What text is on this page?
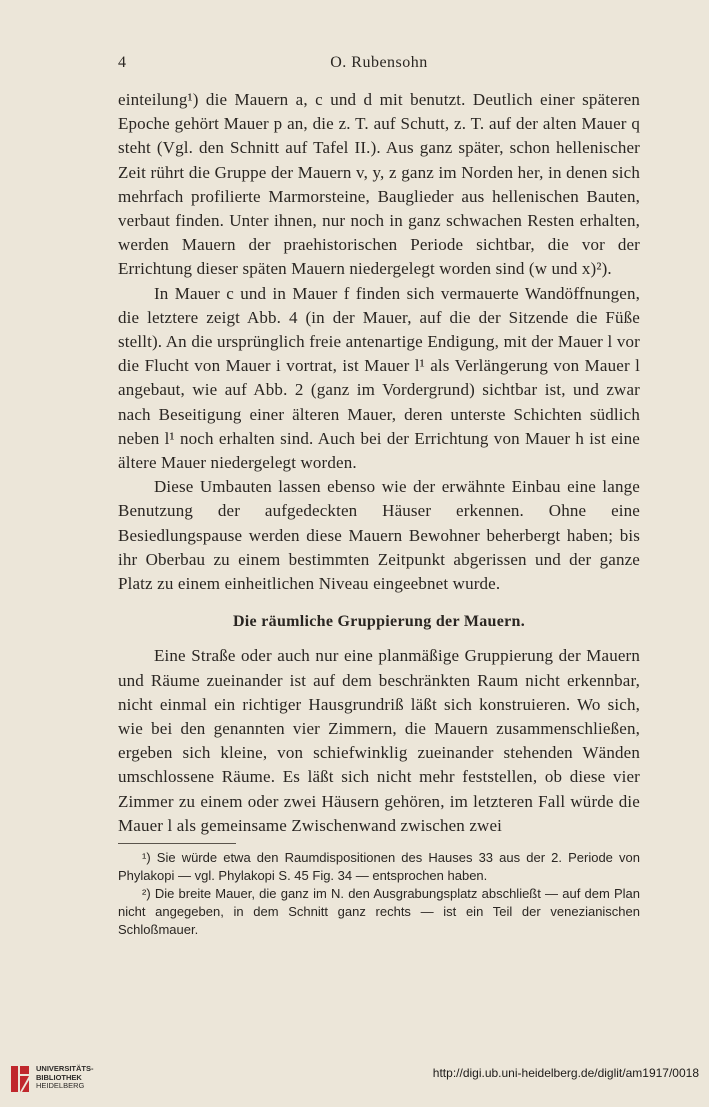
4	O. Rubensohn

einteilung¹) die Mauern a, c und d mit benutzt. Deutlich einer späteren Epoche gehört Mauer p an, die z. T. auf Schutt, z. T. auf der alten Mauer q steht (Vgl. den Schnitt auf Tafel II.). Aus ganz später, schon hellenischer Zeit rührt die Gruppe der Mauern v, y, z ganz im Norden her, in denen sich mehrfach profilierte Marmorsteine, Bauglieder aus hellenischen Bauten, verbaut finden. Unter ihnen, nur noch in ganz schwachen Resten erhalten, werden Mauern der praehistorischen Periode sichtbar, die vor der Errichtung dieser späten Mauern niedergelegt worden sind (w und x)²).

In Mauer c und in Mauer f finden sich vermauerte Wandöffnungen, die letztere zeigt Abb. 4 (in der Mauer, auf die der Sitzende die Füße stellt). An die ursprünglich freie antenartige Endigung, mit der Mauer l vor die Flucht von Mauer i vortrat, ist Mauer l¹ als Verlängerung von Mauer l angebaut, wie auf Abb. 2 (ganz im Vordergrund) sichtbar ist, und zwar nach Beseitigung einer älteren Mauer, deren unterste Schichten südlich neben l¹ noch erhalten sind. Auch bei der Errichtung von Mauer h ist eine ältere Mauer niedergelegt worden.

Diese Umbauten lassen ebenso wie der erwähnte Einbau eine lange Benutzung der aufgedeckten Häuser erkennen. Ohne eine Besiedlungspause werden diese Mauern Bewohner beherbergt haben; bis ihr Oberbau zu einem bestimmten Zeitpunkt abgerissen und der ganze Platz zu einem einheitlichen Niveau eingeebnet wurde.

Die räumliche Gruppierung der Mauern.

Eine Straße oder auch nur eine planmäßige Gruppierung der Mauern und Räume zueinander ist auf dem beschränkten Raum nicht erkennbar, nicht einmal ein richtiger Hausgrundriß läßt sich konstruieren. Wo sich, wie bei den genannten vier Zimmern, die Mauern zusammenschließen, ergeben sich kleine, von schiefwinklig zueinander stehenden Wänden umschlossene Räume. Es läßt sich nicht mehr feststellen, ob diese vier Zimmer zu einem oder zwei Häusern gehören, im letzteren Fall würde die Mauer l als gemeinsame Zwischenwand zwischen zwei

¹) Sie würde etwa den Raumdispositionen des Hauses 33 aus der 2. Periode von Phylakopi — vgl. Phylakopi S. 45 Fig. 34 — entsprochen haben.

²) Die breite Mauer, die ganz im N. den Ausgrabungsplatz abschließt — auf dem Plan nicht angegeben, in dem Schnitt ganz rechts — ist ein Teil der venezianischen Schloßmauer.

UNIVERSITÄTS-
BIBLIOTHEK
HEIDELBERG
http://digi.ub.uni-heidelberg.de/diglit/am1917/0018
